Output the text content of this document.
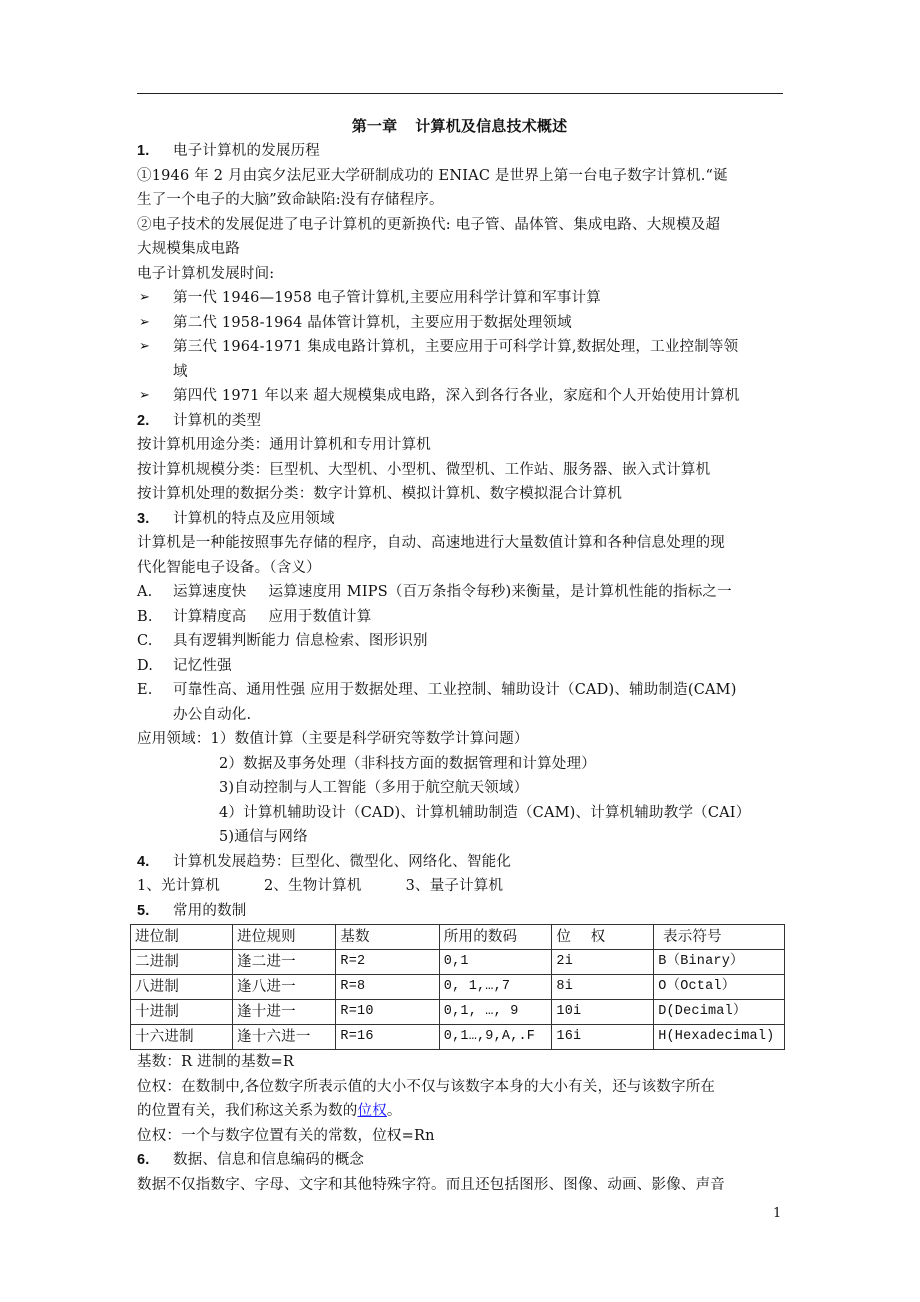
第一章 计算机及信息技术概述
1. 电子计算机的发展历程
①1946 年 2 月由宾夕法尼亚大学研制成功的 ENIAC 是世界上第一台电子数字计算机.“诞
生了一个电子的大脑”致命缺陷:没有存储程序。
②电子技术的发展促进了电子计算机的更新换代: 电子管、晶体管、集成电路、大规模及超
大规模集成电路
电子计算机发展时间:
➢	第一代 1946—1958 电子管计算机,主要应用科学计算和军事计算
➢	第二代 1958-1964 晶体管计算机，主要应用于数据处理领域
➢	第三代 1964-1971 集成电路计算机，主要应用于可科学计算,数据处理，工业控制等领
域
➢	第四代 1971 年以来 超大规模集成电路，深入到各行各业，家庭和个人开始使用计算机
2. 计算机的类型
按计算机用途分类：通用计算机和专用计算机
按计算机规模分类：巨型机、大型机、小型机、微型机、工作站、服务器、嵌入式计算机
按计算机处理的数据分类：数字计算机、模拟计算机、数字模拟混合计算机
3. 计算机的特点及应用领域
计算机是一种能按照事先存储的程序，自动、高速地进行大量数值计算和各种信息处理的现
代化智能电子设备。（含义）
A.	运算速度快 运算速度用 MIPS（百万条指令每秒)来衡量，是计算机性能的指标之一
B.	计算精度高 应用于数值计算
C.	具有逻辑判断能力 信息检索、图形识别
D.	记忆性强
E.	可靠性高、通用性强 应用于数据处理、工业控制、辅助设计（CAD)、辅助制造(CAM)
办公自动化.
应用领域：1）数值计算（主要是科学研究等数学计算问题）
2）数据及事务处理（非科技方面的数据管理和计算处理）
3)自动控制与人工智能（多用于航空航天领域）
4）计算机辅助设计（CAD)、计算机辅助制造（CAM)、计算机辅助教学（CAI）
5)通信与网络
4. 计算机发展趋势：巨型化、微型化、网络化、智能化
1、光计算机	2、生物计算机	3、量子计算机
5. 常用的数制
进位制	进位规则	基数	所用的数码	位　 权	表示符号
二进制	逢二进一	R=2	0,1	2i	B（Binary）
八进制	逢八进一	R=8	0, 1,…,7	8i	O（Octal）
十进制	逢十进一	R=10	0,1, …, 9	10i	D(Decimal）
十六进制	逢十六进一	R=16	0,1…,9,A,.F	16i	H(Hexadecimal)
基数：R 进制的基数=R
位权：在数制中,各位数字所表示值的大小不仅与该数字本身的大小有关，还与该数字所在
的位置有关，我们称这关系为数的位权。
位权：一个与数字位置有关的常数，位权=Rn
6. 数据、信息和信息编码的概念
数据不仅指数字、字母、文字和其他特殊字符。而且还包括图形、图像、动画、影像、声音
1
